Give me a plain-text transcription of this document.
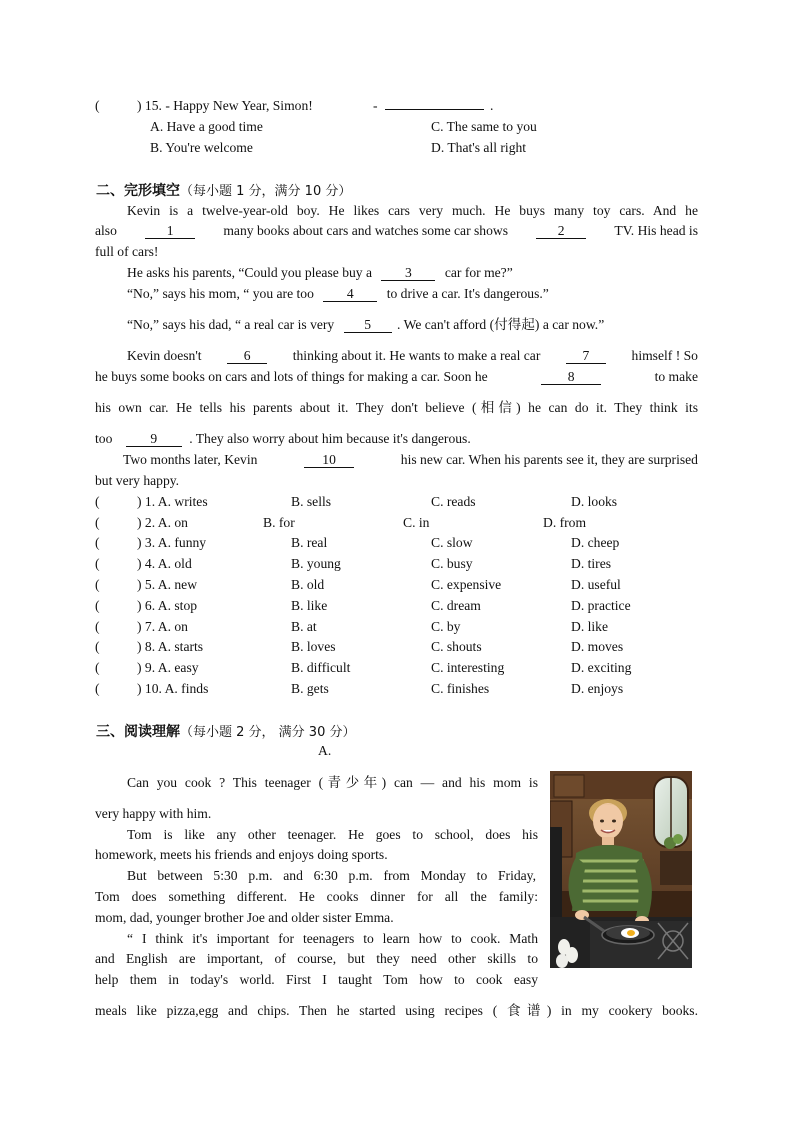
(	) 15. - Happy New Year, Simon!	-	.
A. Have a good time	C. The same to you
B. You're welcome	D. That's all right
二、完形填空（每小题 1 分，满分 10 分）
Kevin is a twelve-year-old boy. He likes cars very much. He buys many toy cars. And he
also	1	many books about cars and watches some car shows	2	TV. His head is
full of cars!
He asks his parents, “Could you please buy a 3 car for me?”
“No,” says his mom, “ you are too 4 to drive a car. It's dangerous.”
“No,” says his dad, “ a real car is very 5 . We can't afford (付得起) a car now.”
Kevin doesn't	6	thinking about it. He wants to make a real car	7	himself ! So
he buys some books on cars and lots of things for making a car. Soon he	8	to make
his own car. He tells his parents about it. They don't believe (相信) he can do it. They think its
too	9 . They also worry about him because it's dangerous.
Two months later, Kevin	10	his new car. When his parents see it, they are surprised
but very happy.
(	) 1. A. writes	B. sells	C. reads	D. looks
(	) 2. A. on	B. for	C. in	D. from
(	) 3. A. funny	B. real	C. slow	D. cheep
(	) 4. A. old	B. young	C. busy	D. tires
(	) 5. A. new	B. old	C. expensive	D. useful
(	) 6. A. stop	B. like	C. dream	D. practice
(	) 7. A. on	B. at	C. by	D. like
(	) 8. A. starts	B. loves	C. shouts	D. moves
(	) 9. A. easy	B. difficult	C. interesting	D. exciting
(	) 10. A. finds	B. gets	C. finishes	D. enjoys
三、阅读理解（每小题 2 分， 满分 30 分）
A.
Can you cook ? This teenager (青少年) can — and his mom is
very happy with him.
Tom is like any other teenager. He goes to school, does his
homework, meets his friends and enjoys doing sports.
But between 5:30 p.m. and 6:30 p.m. from Monday to Friday,
Tom does something different. He cooks dinner for all the family:
mom, dad, younger brother Joe and older sister Emma.
“ I think it's important for teenagers to learn how to cook. Math
and English are important, of course, but they need other skills to
help them in today's world. First I taught Tom how to cook easy
meals like pizza,egg and chips. Then he started using recipes ( 食谱) in my cookery books.
